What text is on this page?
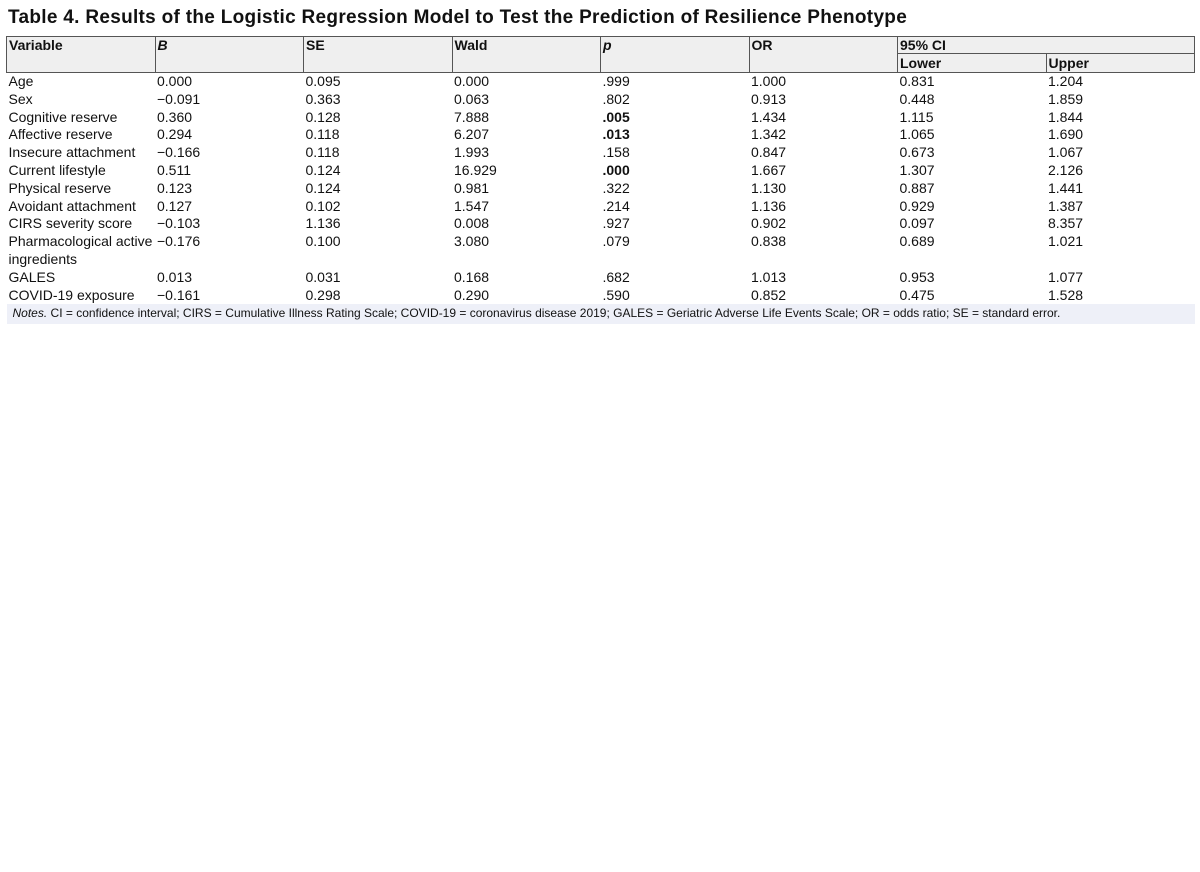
Table 4. Results of the Logistic Regression Model to Test the Prediction of Resilience Phenotype
Variable	B	SE	Wald	p	OR	95% CI	
						Lower	Upper
Age	0.000	0.095	0.000	.999	1.000	0.831	1.204
Sex	−0.091	0.363	0.063	.802	0.913	0.448	1.859
Cognitive reserve	0.360	0.128	7.888	.005	1.434	1.115	1.844
Affective reserve	0.294	0.118	6.207	.013	1.342	1.065	1.690
Insecure attachment	−0.166	0.118	1.993	.158	0.847	0.673	1.067
Current lifestyle	0.511	0.124	16.929	.000	1.667	1.307	2.126
Physical reserve	0.123	0.124	0.981	.322	1.130	0.887	1.441
Avoidant attachment	0.127	0.102	1.547	.214	1.136	0.929	1.387
CIRS severity score	−0.103	1.136	0.008	.927	0.902	0.097	8.357
Pharmacological active ingredients	−0.176	0.100	3.080	.079	0.838	0.689	1.021
GALES	0.013	0.031	0.168	.682	1.013	0.953	1.077
COVID-19 exposure	−0.161	0.298	0.290	.590	0.852	0.475	1.528
Notes. CI = confidence interval; CIRS = Cumulative Illness Rating Scale; COVID-19 = coronavirus disease 2019; GALES = Geriatric Adverse Life Events Scale; OR = odds ratio; SE = standard error.							
